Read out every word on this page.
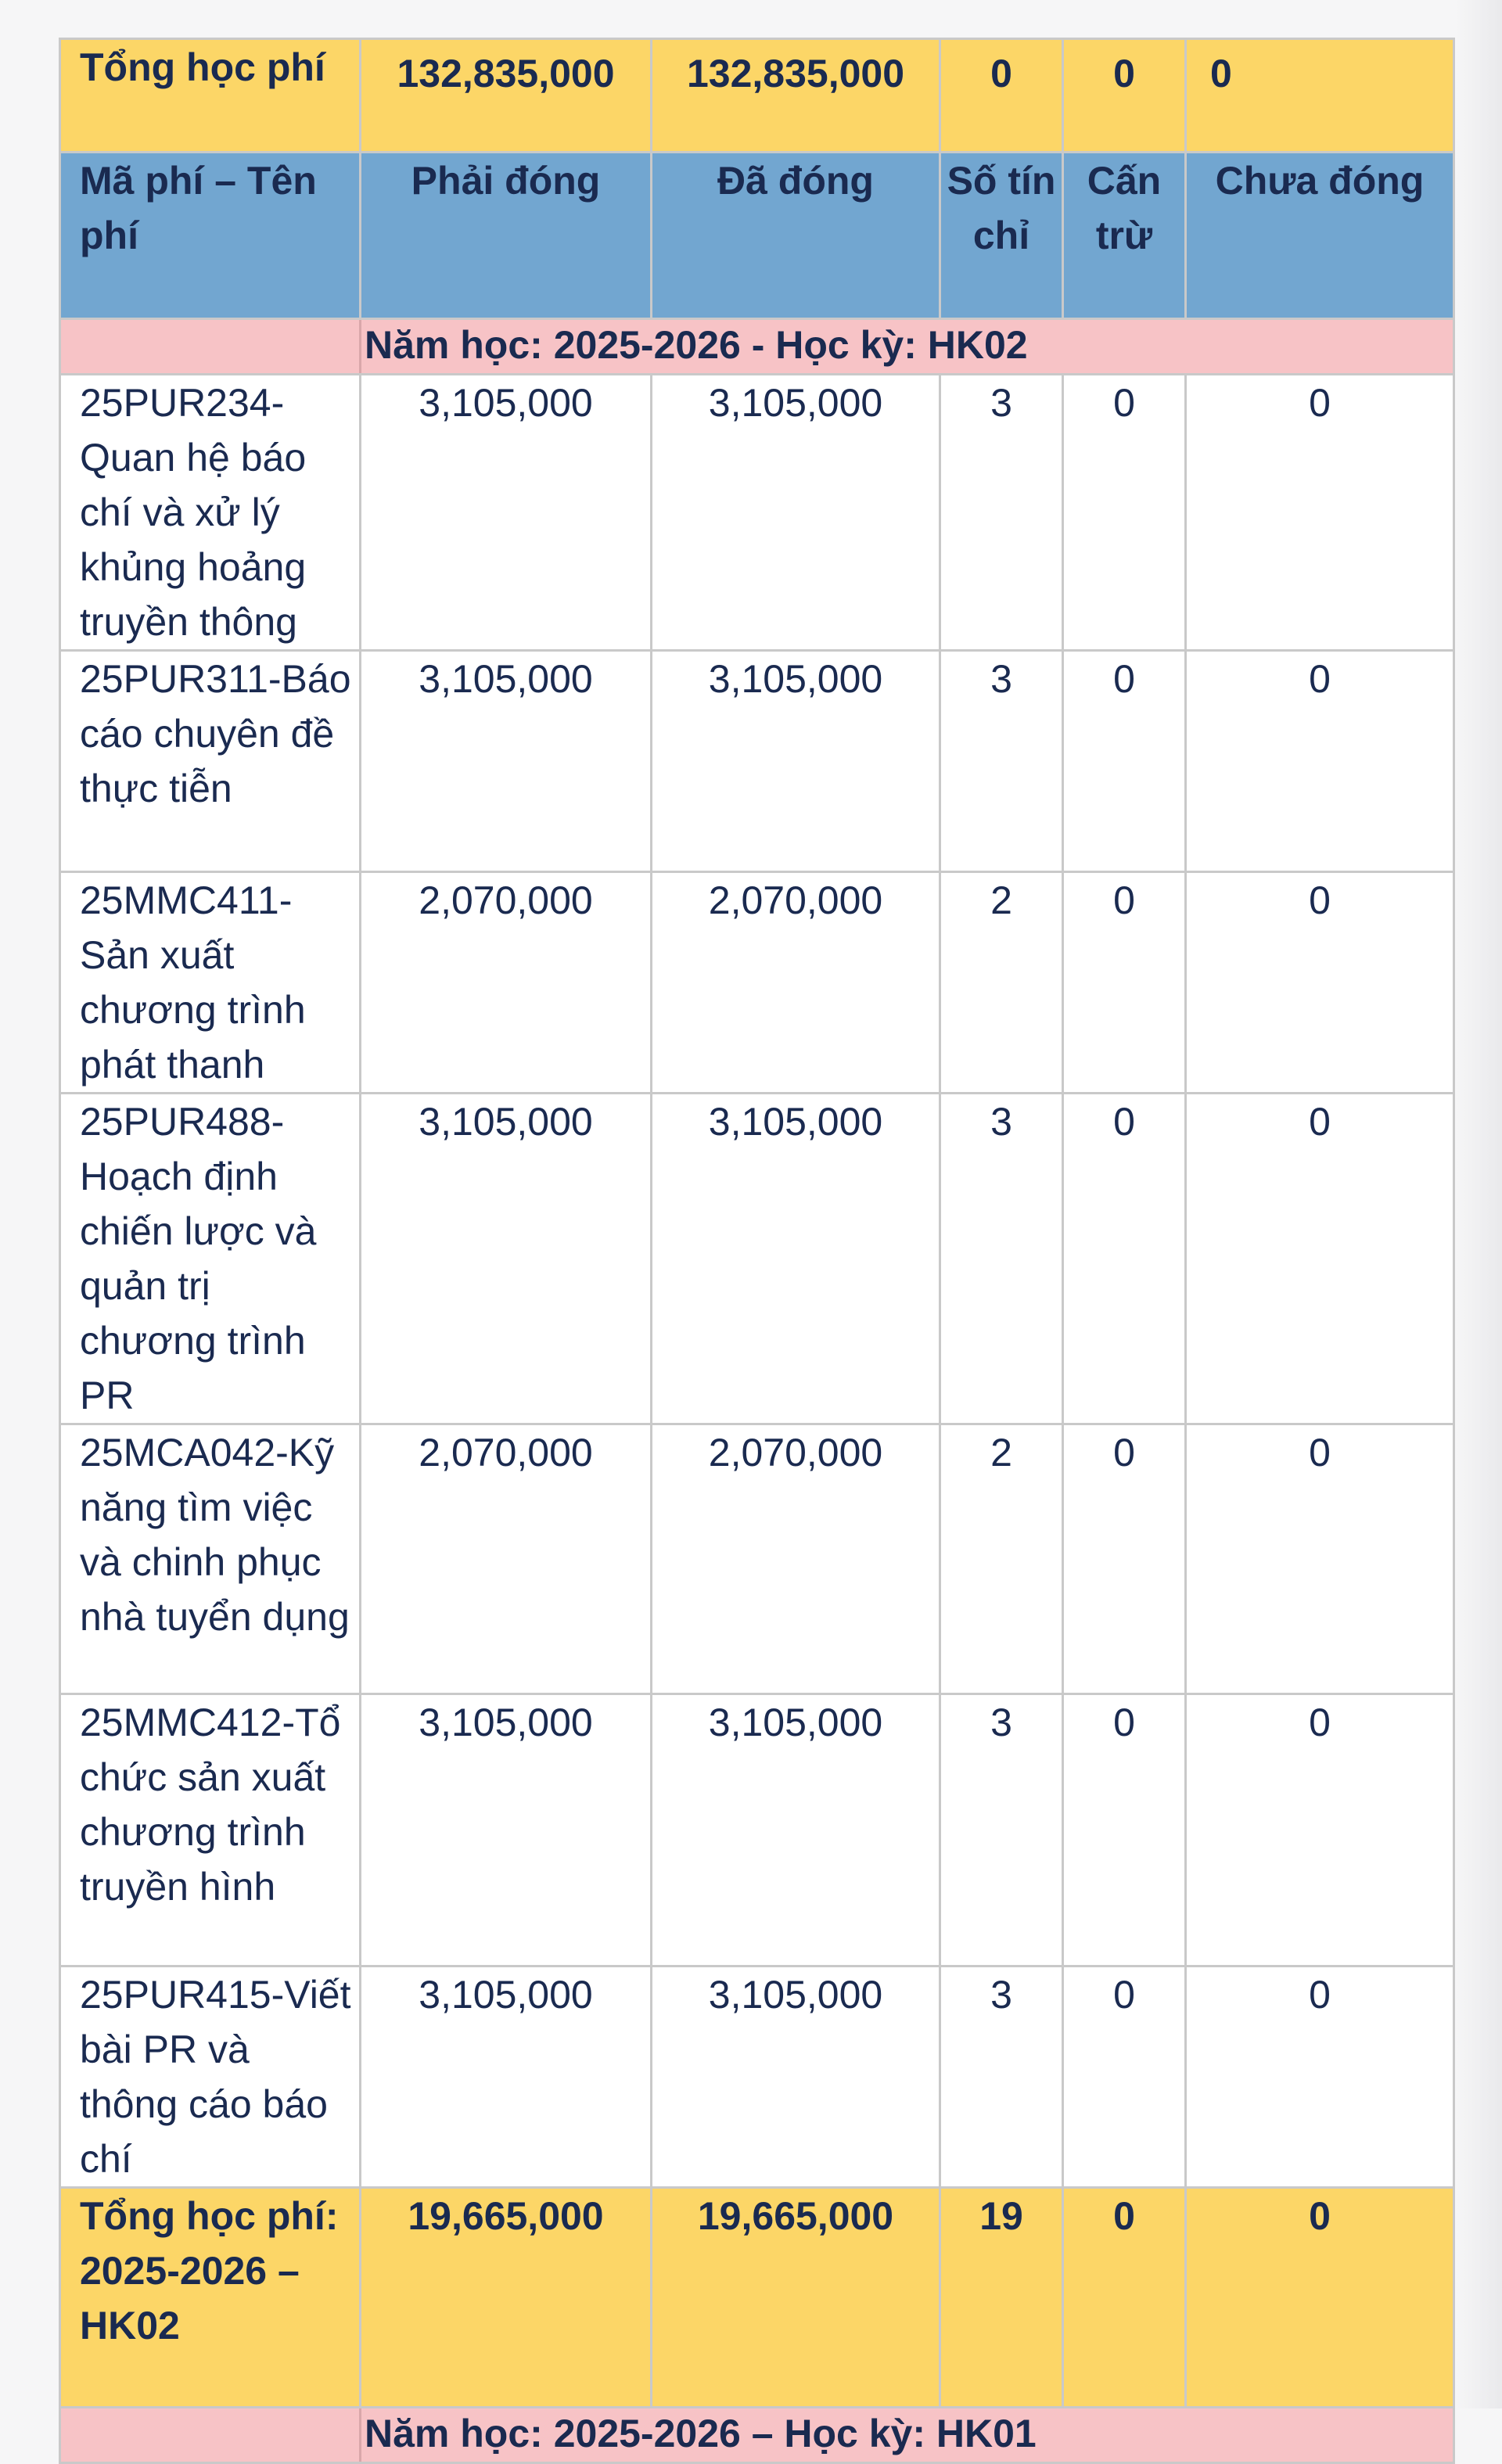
Tổng học phí	132,835,000	132,835,000	0	0	0
Mã phí – Tên phí	Phải đóng	Đã đóng	Số tín chỉ	Cấn trừ	Chưa đóng
	Năm học: 2025-2026 - Học kỳ: HK02				
25PUR234-Quan hệ báo chí và xử lý khủng hoảng truyền thông	3,105,000	3,105,000	3	0	0
25PUR311-Báo cáo chuyên đề thực tiễn	3,105,000	3,105,000	3	0	0
25MMC411-Sản xuất chương trình phát thanh	2,070,000	2,070,000	2	0	0
25PUR488-Hoạch định chiến lược và quản trị chương trình PR	3,105,000	3,105,000	3	0	0
25MCA042-Kỹ năng tìm việc và chinh phục nhà tuyển dụng	2,070,000	2,070,000	2	0	0
25MMC412-Tổ chức sản xuất chương trình truyền hình	3,105,000	3,105,000	3	0	0
25PUR415-Viết bài PR và thông cáo báo chí	3,105,000	3,105,000	3	0	0
Tổng học phí: 2025-2026 – HK02	19,665,000	19,665,000	19	0	0
	Năm học: 2025-2026 – Học kỳ: HK01				
